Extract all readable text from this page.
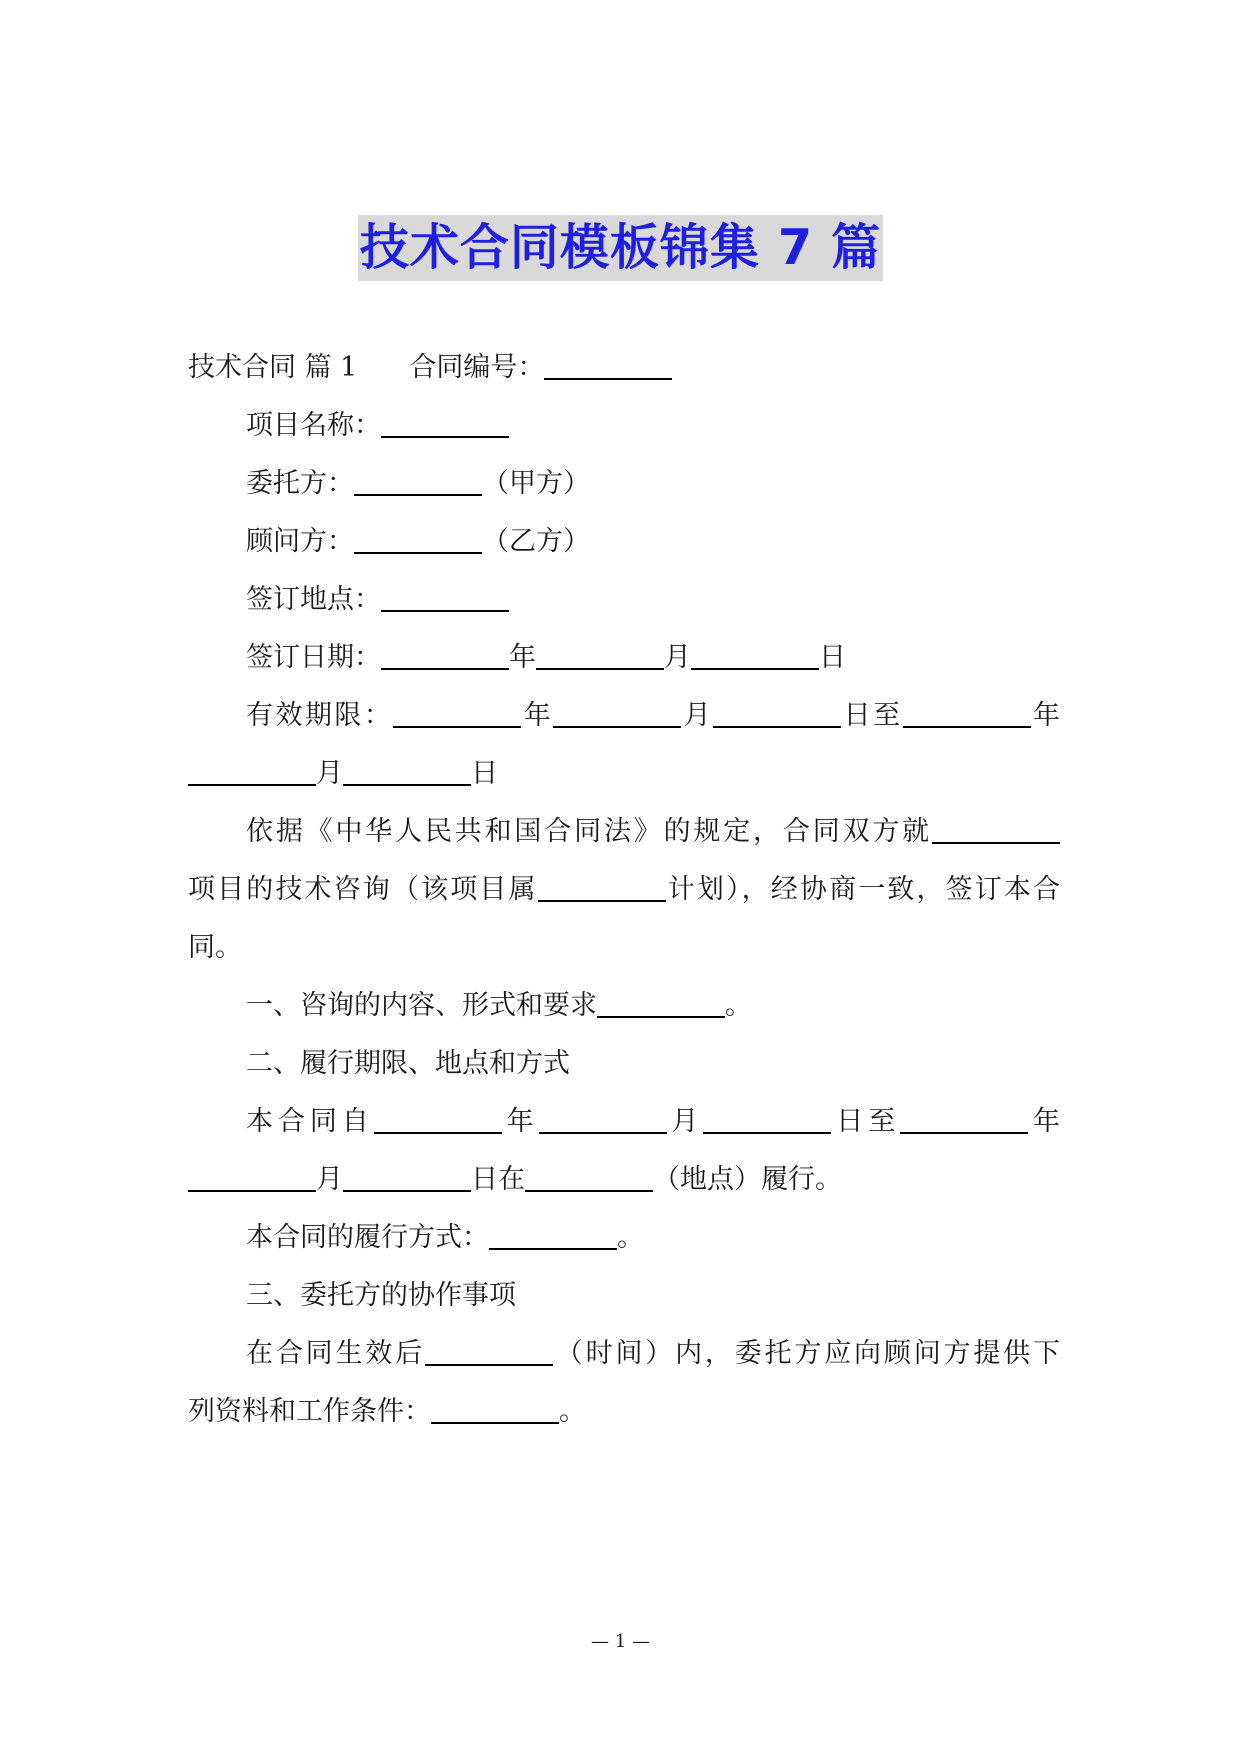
技术合同模板锦集 7 篇
技术合同 篇 1 合同编号：
项目名称：
委托方：	（甲方）
顾问方：	（乙方）
签订地点：
签订日期：	年	月	日
有效期限：	年	月	日至	年
月	日
依据《中华人民共和国合同法》的规定，合同双方就
项目的技术咨询（该项目属	计划），经协商一致，签订本合
同。
一、咨询的内容、形式和要求	。
二、履行期限、地点和方式
本合同自	年	月	日至	年
月	日在	（地点）履行。
本合同的履行方式：	。
三、委托方的协作事项
在合同生效后	（时间）内，委托方应向顾问方提供下
列资料和工作条件：	。
— 1 —
